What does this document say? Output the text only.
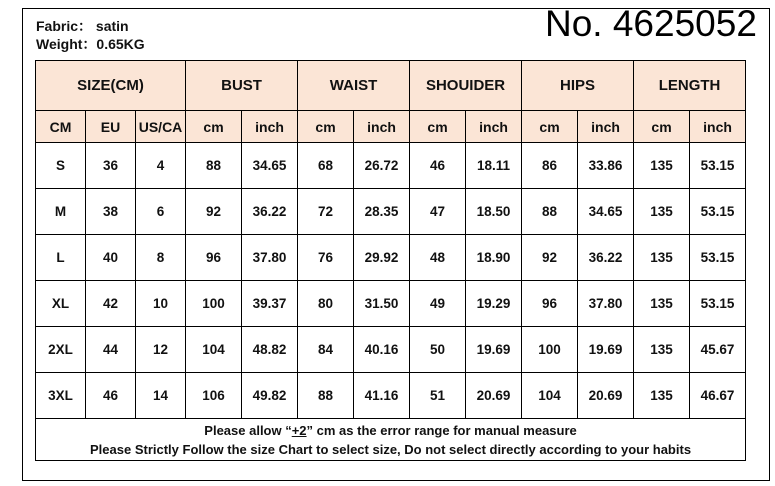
Fabric： satin
Weight：0.65KG	No. 4625052
SIZE(CM)			BUST		WAIST		SHOUIDER		HIPS		LENGTH	
CM	EU	US/CA	cm	inch	cm	inch	cm	inch	cm	inch	cm	inch
S	36	4	88	34.65	68	26.72	46	18.11	86	33.86	135	53.15
M	38	6	92	36.22	72	28.35	47	18.50	88	34.65	135	53.15
L	40	8	96	37.80	76	29.92	48	18.90	92	36.22	135	53.15
XL	42	10	100	39.37	80	31.50	49	19.29	96	37.80	135	53.15
2XL	44	12	104	48.82	84	40.16	50	19.69	100	19.69	135	45.67
3XL	46	14	106	49.82	88	41.16	51	20.69	104	20.69	135	46.67

Please allow “+2” cm as the error range for manual measure
Please Strictly Follow the size Chart to select size, Do not select directly according to your habits												
